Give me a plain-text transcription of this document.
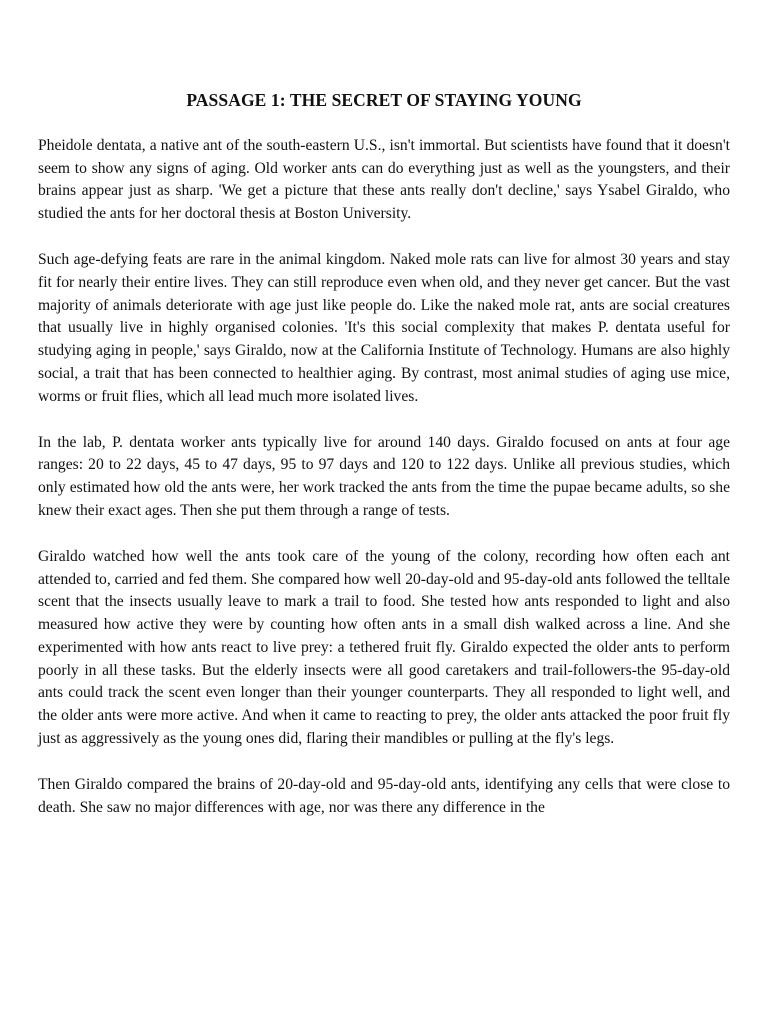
PASSAGE 1: THE SECRET OF STAYING YOUNG

Pheidole dentata, a native ant of the south-eastern U.S., isn't immortal. But scientists have found that it doesn't seem to show any signs of aging. Old worker ants can do everything just as well as the youngsters, and their brains appear just as sharp. 'We get a picture that these ants really don't decline,' says Ysabel Giraldo, who studied the ants for her doctoral thesis at Boston University.

Such age-defying feats are rare in the animal kingdom. Naked mole rats can live for almost 30 years and stay fit for nearly their entire lives. They can still reproduce even when old, and they never get cancer. But the vast majority of animals deteriorate with age just like people do. Like the naked mole rat, ants are social creatures that usually live in highly organised colonies. 'It's this social complexity that makes P. dentata useful for studying aging in people,' says Giraldo, now at the California Institute of Technology. Humans are also highly social, a trait that has been connected to healthier aging. By contrast, most animal studies of aging use mice, worms or fruit flies, which all lead much more isolated lives.

In the lab, P. dentata worker ants typically live for around 140 days. Giraldo focused on ants at four age ranges: 20 to 22 days, 45 to 47 days, 95 to 97 days and 120 to 122 days. Unlike all previous studies, which only estimated how old the ants were, her work tracked the ants from the time the pupae became adults, so she knew their exact ages. Then she put them through a range of tests.

Giraldo watched how well the ants took care of the young of the colony, recording how often each ant attended to, carried and fed them. She compared how well 20-day-old and 95-day-old ants followed the telltale scent that the insects usually leave to mark a trail to food. She tested how ants responded to light and also measured how active they were by counting how often ants in a small dish walked across a line. And she experimented with how ants react to live prey: a tethered fruit fly. Giraldo expected the older ants to perform poorly in all these tasks. But the elderly insects were all good caretakers and trail-followers-the 95-day-old ants could track the scent even longer than their younger counterparts. They all responded to light well, and the older ants were more active. And when it came to reacting to prey, the older ants attacked the poor fruit fly just as aggressively as the young ones did, flaring their mandibles or pulling at the fly's legs.

Then Giraldo compared the brains of 20-day-old and 95-day-old ants, identifying any cells that were close to death. She saw no major differences with age, nor was there any difference in the
